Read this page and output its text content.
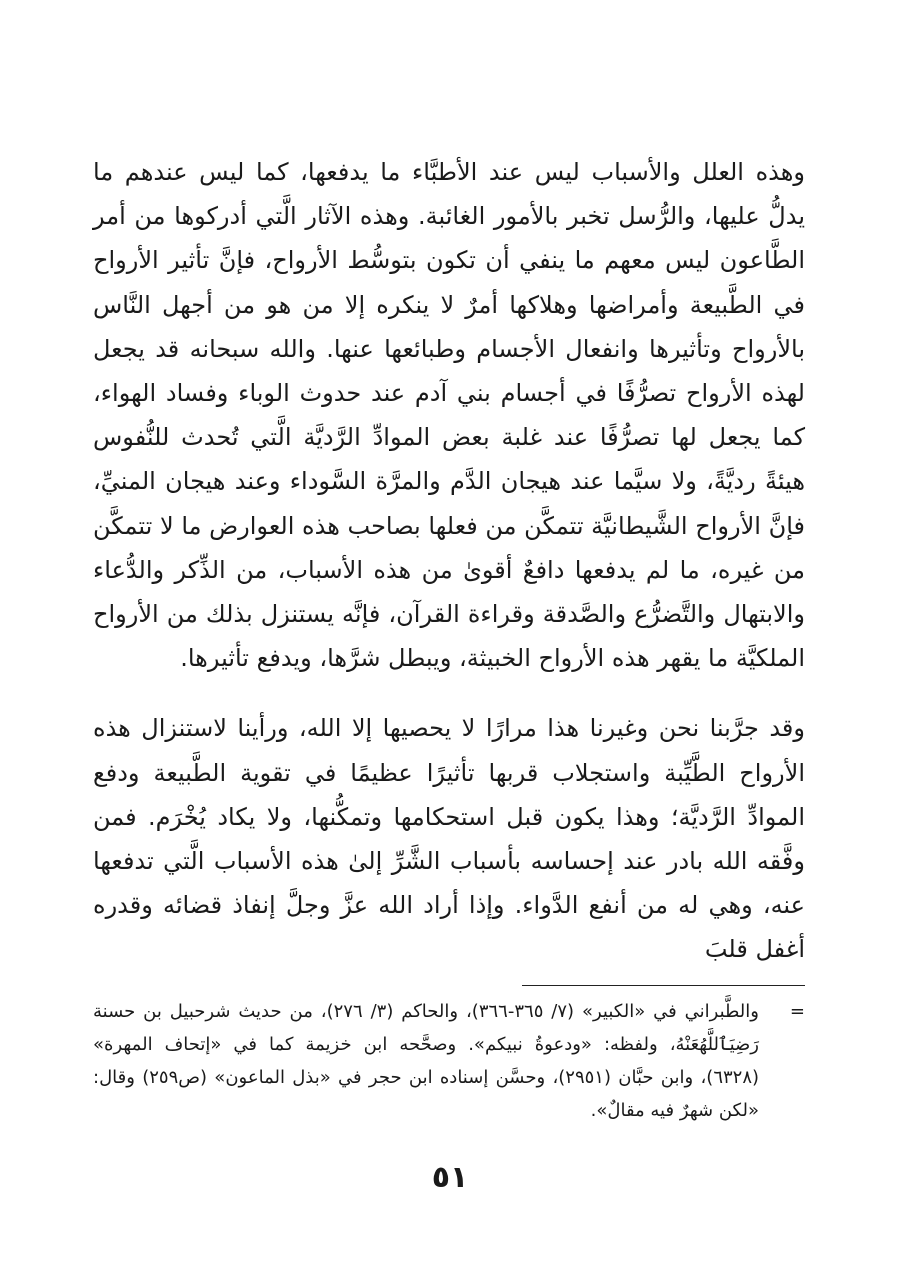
وهذه العلل والأسباب ليس عند الأطبَّاء ما يدفعها، كما ليس عندهم ما يدلُّ عليها، والرُّسل تخبر بالأمور الغائبة. وهذه الآثار الَّتي أدركوها من أمر الطَّاعون ليس معهم ما ينفي أن تكون بتوسُّط الأرواح، فإنَّ تأثير الأرواح في الطَّبيعة وأمراضها وهلاكها أمرٌ لا ينكره إلا من هو من أجهل النَّاس بالأرواح وتأثيرها وانفعال الأجسام وطبائعها عنها. والله سبحانه قد يجعل لهذه الأرواح تصرُّفًا في أجسام بني آدم عند حدوث الوباء وفساد الهواء، كما يجعل لها تصرُّفًا عند غلبة بعض الموادِّ الرَّديَّة الَّتي تُحدث للنُّفوس هيئةً رديَّةً، ولا سيَّما عند هيجان الدَّم والمرَّة السَّوداء وعند هيجان المنيِّ، فإنَّ الأرواح الشَّيطانيَّة تتمكَّن من فعلها بصاحب هذه العوارض ما لا تتمكَّن من غيره، ما لم يدفعها دافعٌ أقوىٰ من هذه الأسباب، من الذِّكر والدُّعاء والابتهال والتَّضرُّع والصَّدقة وقراءة القرآن، فإنَّه يستنزل بذلك من الأرواح الملكيَّة ما يقهر هذه الأرواح الخبيثة، ويبطل شرَّها، ويدفع تأثيرها.

وقد جرَّبنا نحن وغيرنا هذا مرارًا لا يحصيها إلا الله، ورأينا لاستنزال هذه الأرواح الطَّيِّبة واستجلاب قربها تأثيرًا عظيمًا في تقوية الطَّبيعة ودفع الموادِّ الرَّديَّة؛ وهذا يكون قبل استحكامها وتمكُّنها، ولا يكاد يُخْرَم. فمن وفَّقه الله بادر عند إحساسه بأسباب الشَّرِّ إلىٰ هذه الأسباب الَّتي تدفعها عنه، وهي له من أنفع الدَّواء. وإذا أراد الله عزَّ وجلَّ إنفاذ قضائه وقدره أغفل قلبَ

=
والطَّبراني في «الكبير» (٧/ ٣٦٥-٣٦٦)، والحاكم (٣/ ٢٧٦)، من حديث شرحبيل بن حسنة رَضِيَٱللَّهُعَنْهُ، ولفظه: «ودعوةُ نبيكم». وصحَّحه ابن خزيمة كما في «إتحاف المهرة» (٦٣٢٨)، وابن حبَّان (٢٩٥١)، وحسَّن إسناده ابن حجر في «بذل الماعون» (ص٢٥٩) وقال: «لكن شهرٌ فيه مقالٌ».
٥١
